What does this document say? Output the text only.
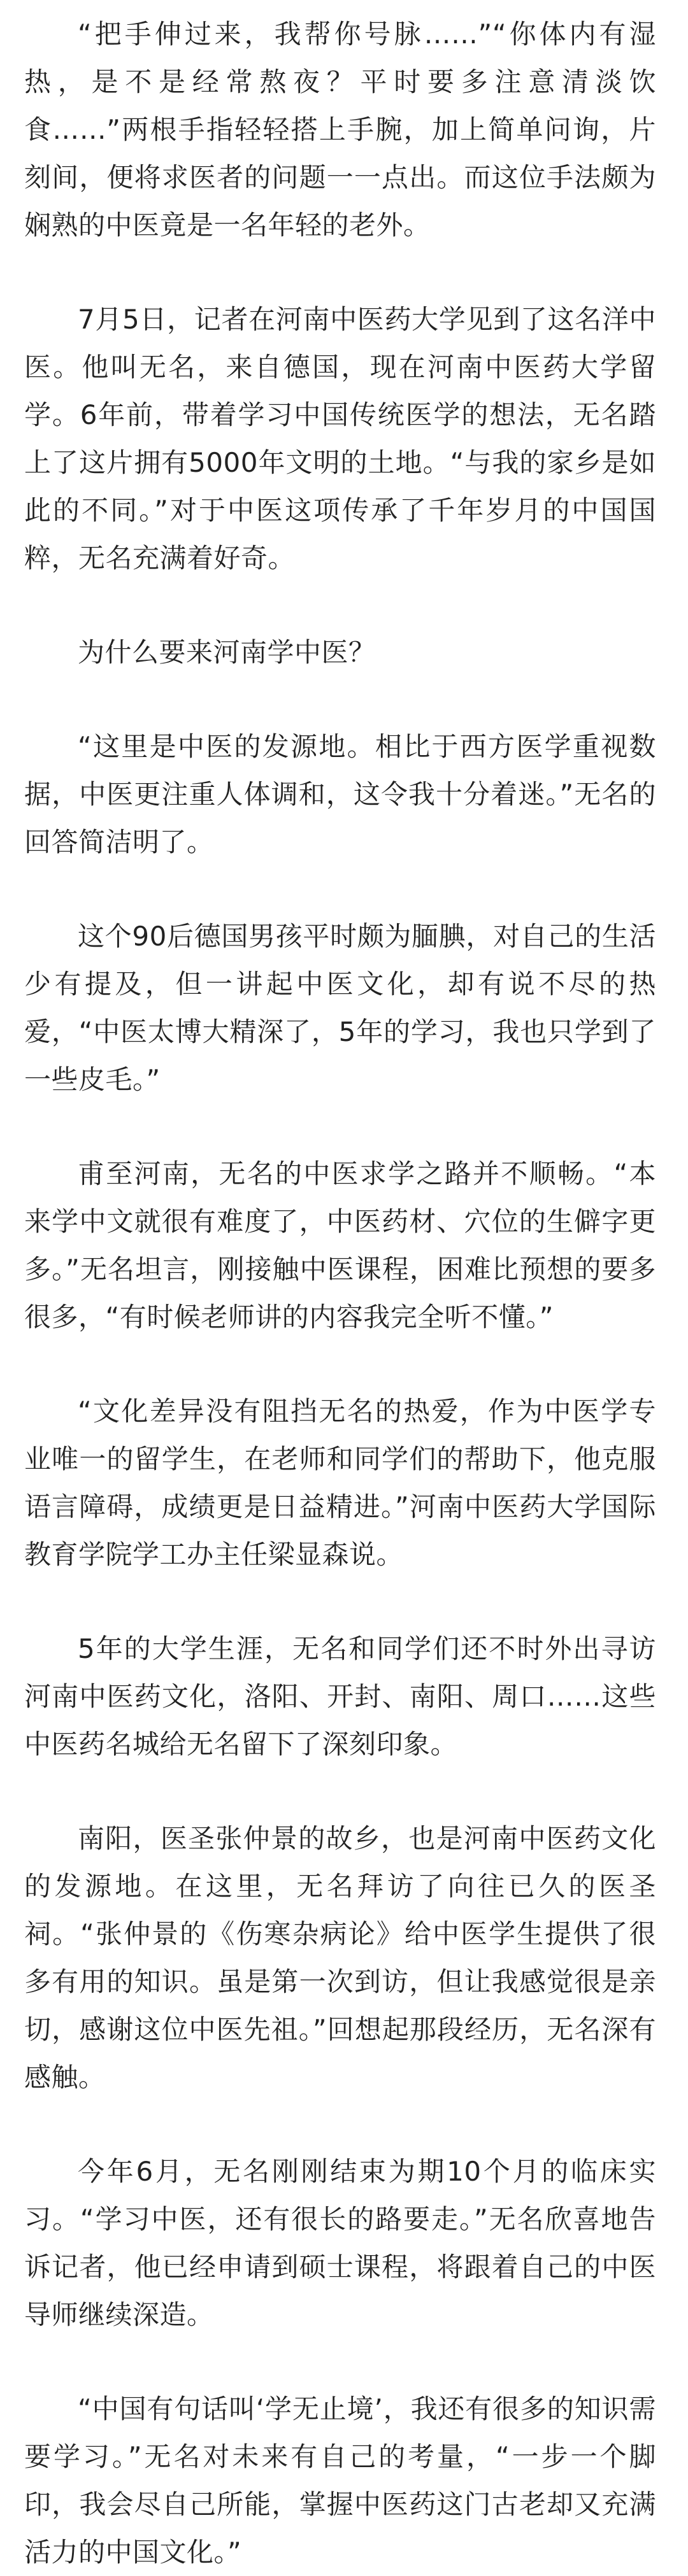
“把手伸过来，我帮你号脉……”“你体内有湿热，是不是经常熬夜？平时要多注意清淡饮食……”两根手指轻轻搭上手腕，加上简单问询，片刻间，便将求医者的问题一一点出。而这位手法颇为娴熟的中医竟是一名年轻的老外。

7月5日，记者在河南中医药大学见到了这名洋中医。他叫无名，来自德国，现在河南中医药大学留学。6年前，带着学习中国传统医学的想法，无名踏上了这片拥有5000年文明的土地。“与我的家乡是如此的不同。”对于中医这项传承了千年岁月的中国国粹，无名充满着好奇。

为什么要来河南学中医？

“这里是中医的发源地。相比于西方医学重视数据，中医更注重人体调和，这令我十分着迷。”无名的回答简洁明了。

这个90后德国男孩平时颇为腼腆，对自己的生活少有提及，但一讲起中医文化，却有说不尽的热爱，“中医太博大精深了，5年的学习，我也只学到了一些皮毛。”

甫至河南，无名的中医求学之路并不顺畅。“本来学中文就很有难度了，中医药材、穴位的生僻字更多。”无名坦言，刚接触中医课程，困难比预想的要多很多，“有时候老师讲的内容我完全听不懂。”

“文化差异没有阻挡无名的热爱，作为中医学专业唯一的留学生，在老师和同学们的帮助下，他克服语言障碍，成绩更是日益精进。”河南中医药大学国际教育学院学工办主任梁显森说。

5年的大学生涯，无名和同学们还不时外出寻访河南中医药文化，洛阳、开封、南阳、周口……这些中医药名城给无名留下了深刻印象。

南阳，医圣张仲景的故乡，也是河南中医药文化的发源地。在这里，无名拜访了向往已久的医圣祠。“张仲景的《伤寒杂病论》给中医学生提供了很多有用的知识。虽是第一次到访，但让我感觉很是亲切，感谢这位中医先祖。”回想起那段经历，无名深有感触。

今年6月，无名刚刚结束为期10个月的临床实习。“学习中医，还有很长的路要走。”无名欣喜地告诉记者，他已经申请到硕士课程，将跟着自己的中医导师继续深造。

“中国有句话叫‘学无止境’，我还有很多的知识需要学习。”无名对未来有自己的考量，“一步一个脚印，我会尽自己所能，掌握中医药这门古老却又充满活力的中国文化。”
